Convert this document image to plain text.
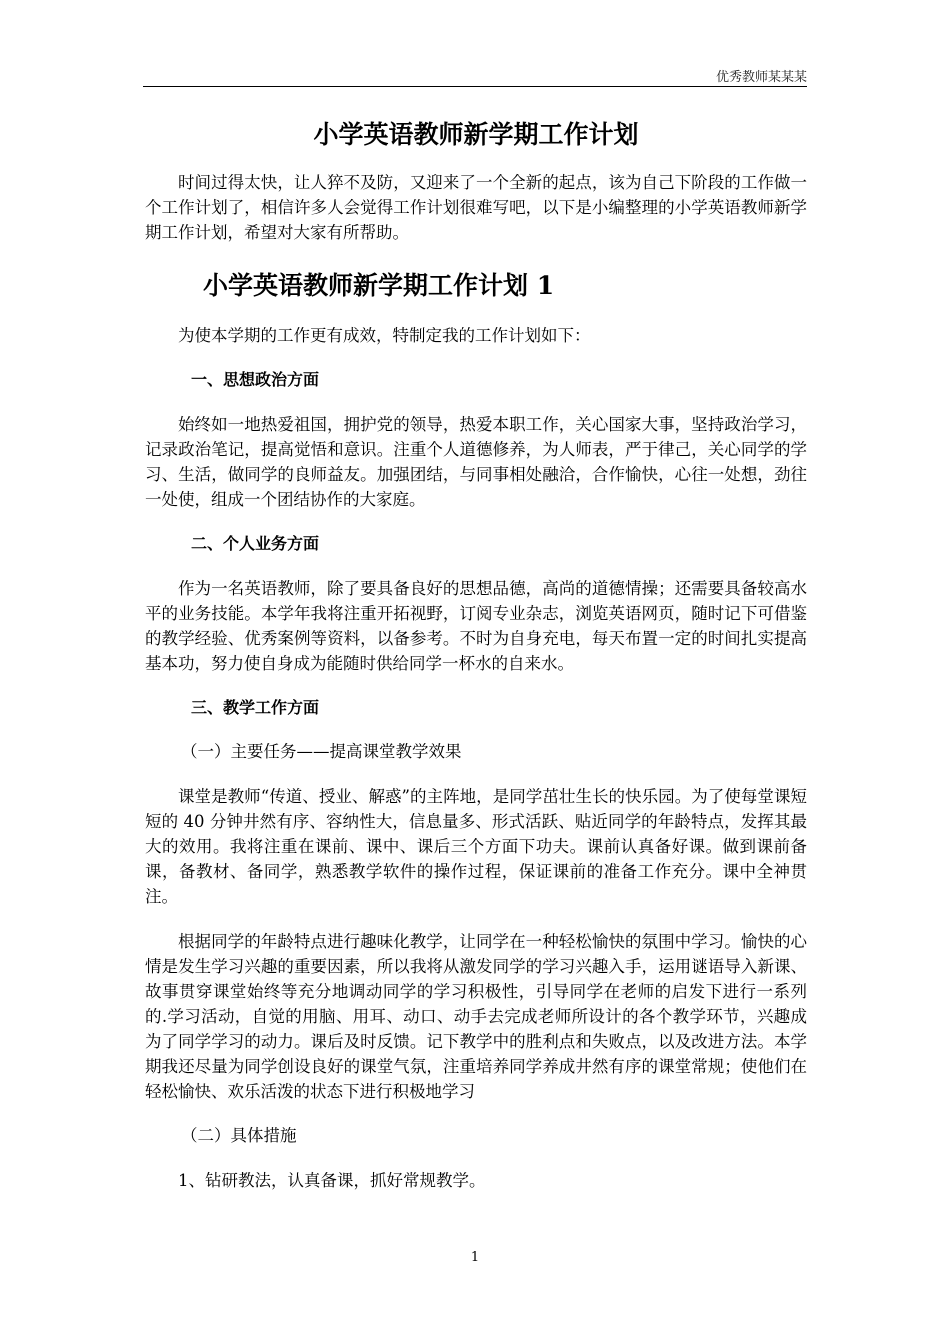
优秀教师某某某
小学英语教师新学期工作计划

时间过得太快，让人猝不及防，又迎来了一个全新的起点，该为自己下阶段的工作做一个工作计划了，相信许多人会觉得工作计划很难写吧，以下是小编整理的小学英语教师新学期工作计划，希望对大家有所帮助。

小学英语教师新学期工作计划 1

为使本学期的工作更有成效，特制定我的工作计划如下：

一、思想政治方面

始终如一地热爱祖国，拥护党的领导，热爱本职工作，关心国家大事，坚持政治学习，记录政治笔记，提高觉悟和意识。注重个人道德修养，为人师表，严于律己，关心同学的学习、生活，做同学的良师益友。加强团结，与同事相处融洽，合作愉快，心往一处想，劲往一处使，组成一个团结协作的大家庭。

二、个人业务方面

作为一名英语教师，除了要具备良好的思想品德，高尚的道德情操；还需要具备较高水平的业务技能。本学年我将注重开拓视野，订阅专业杂志，浏览英语网页，随时记下可借鉴的教学经验、优秀案例等资料，以备参考。不时为自身充电，每天布置一定的时间扎实提高基本功，努力使自身成为能随时供给同学一杯水的自来水。

三、教学工作方面

（一）主要任务——提高课堂教学效果

课堂是教师“传道、授业、解惑”的主阵地，是同学茁壮生长的快乐园。为了使每堂课短短的 40 分钟井然有序、容纳性大，信息量多、形式活跃、贴近同学的年龄特点，发挥其最大的效用。我将注重在课前、课中、课后三个方面下功夫。课前认真备好课。做到课前备课，备教材、备同学，熟悉教学软件的操作过程，保证课前的准备工作充分。课中全神贯注。

根据同学的年龄特点进行趣味化教学，让同学在一种轻松愉快的氛围中学习。愉快的心情是发生学习兴趣的重要因素，所以我将从激发同学的学习兴趣入手，运用谜语导入新课、故事贯穿课堂始终等充分地调动同学的学习积极性，引导同学在老师的启发下进行一系列的.学习活动，自觉的用脑、用耳、动口、动手去完成老师所设计的各个教学环节，兴趣成为了同学学习的动力。课后及时反馈。记下教学中的胜利点和失败点，以及改进方法。本学期我还尽量为同学创设良好的课堂气氛，注重培养同学养成井然有序的课堂常规；使他们在轻松愉快、欢乐活泼的状态下进行积极地学习

（二）具体措施

1、钻研教法，认真备课，抓好常规教学。

1
